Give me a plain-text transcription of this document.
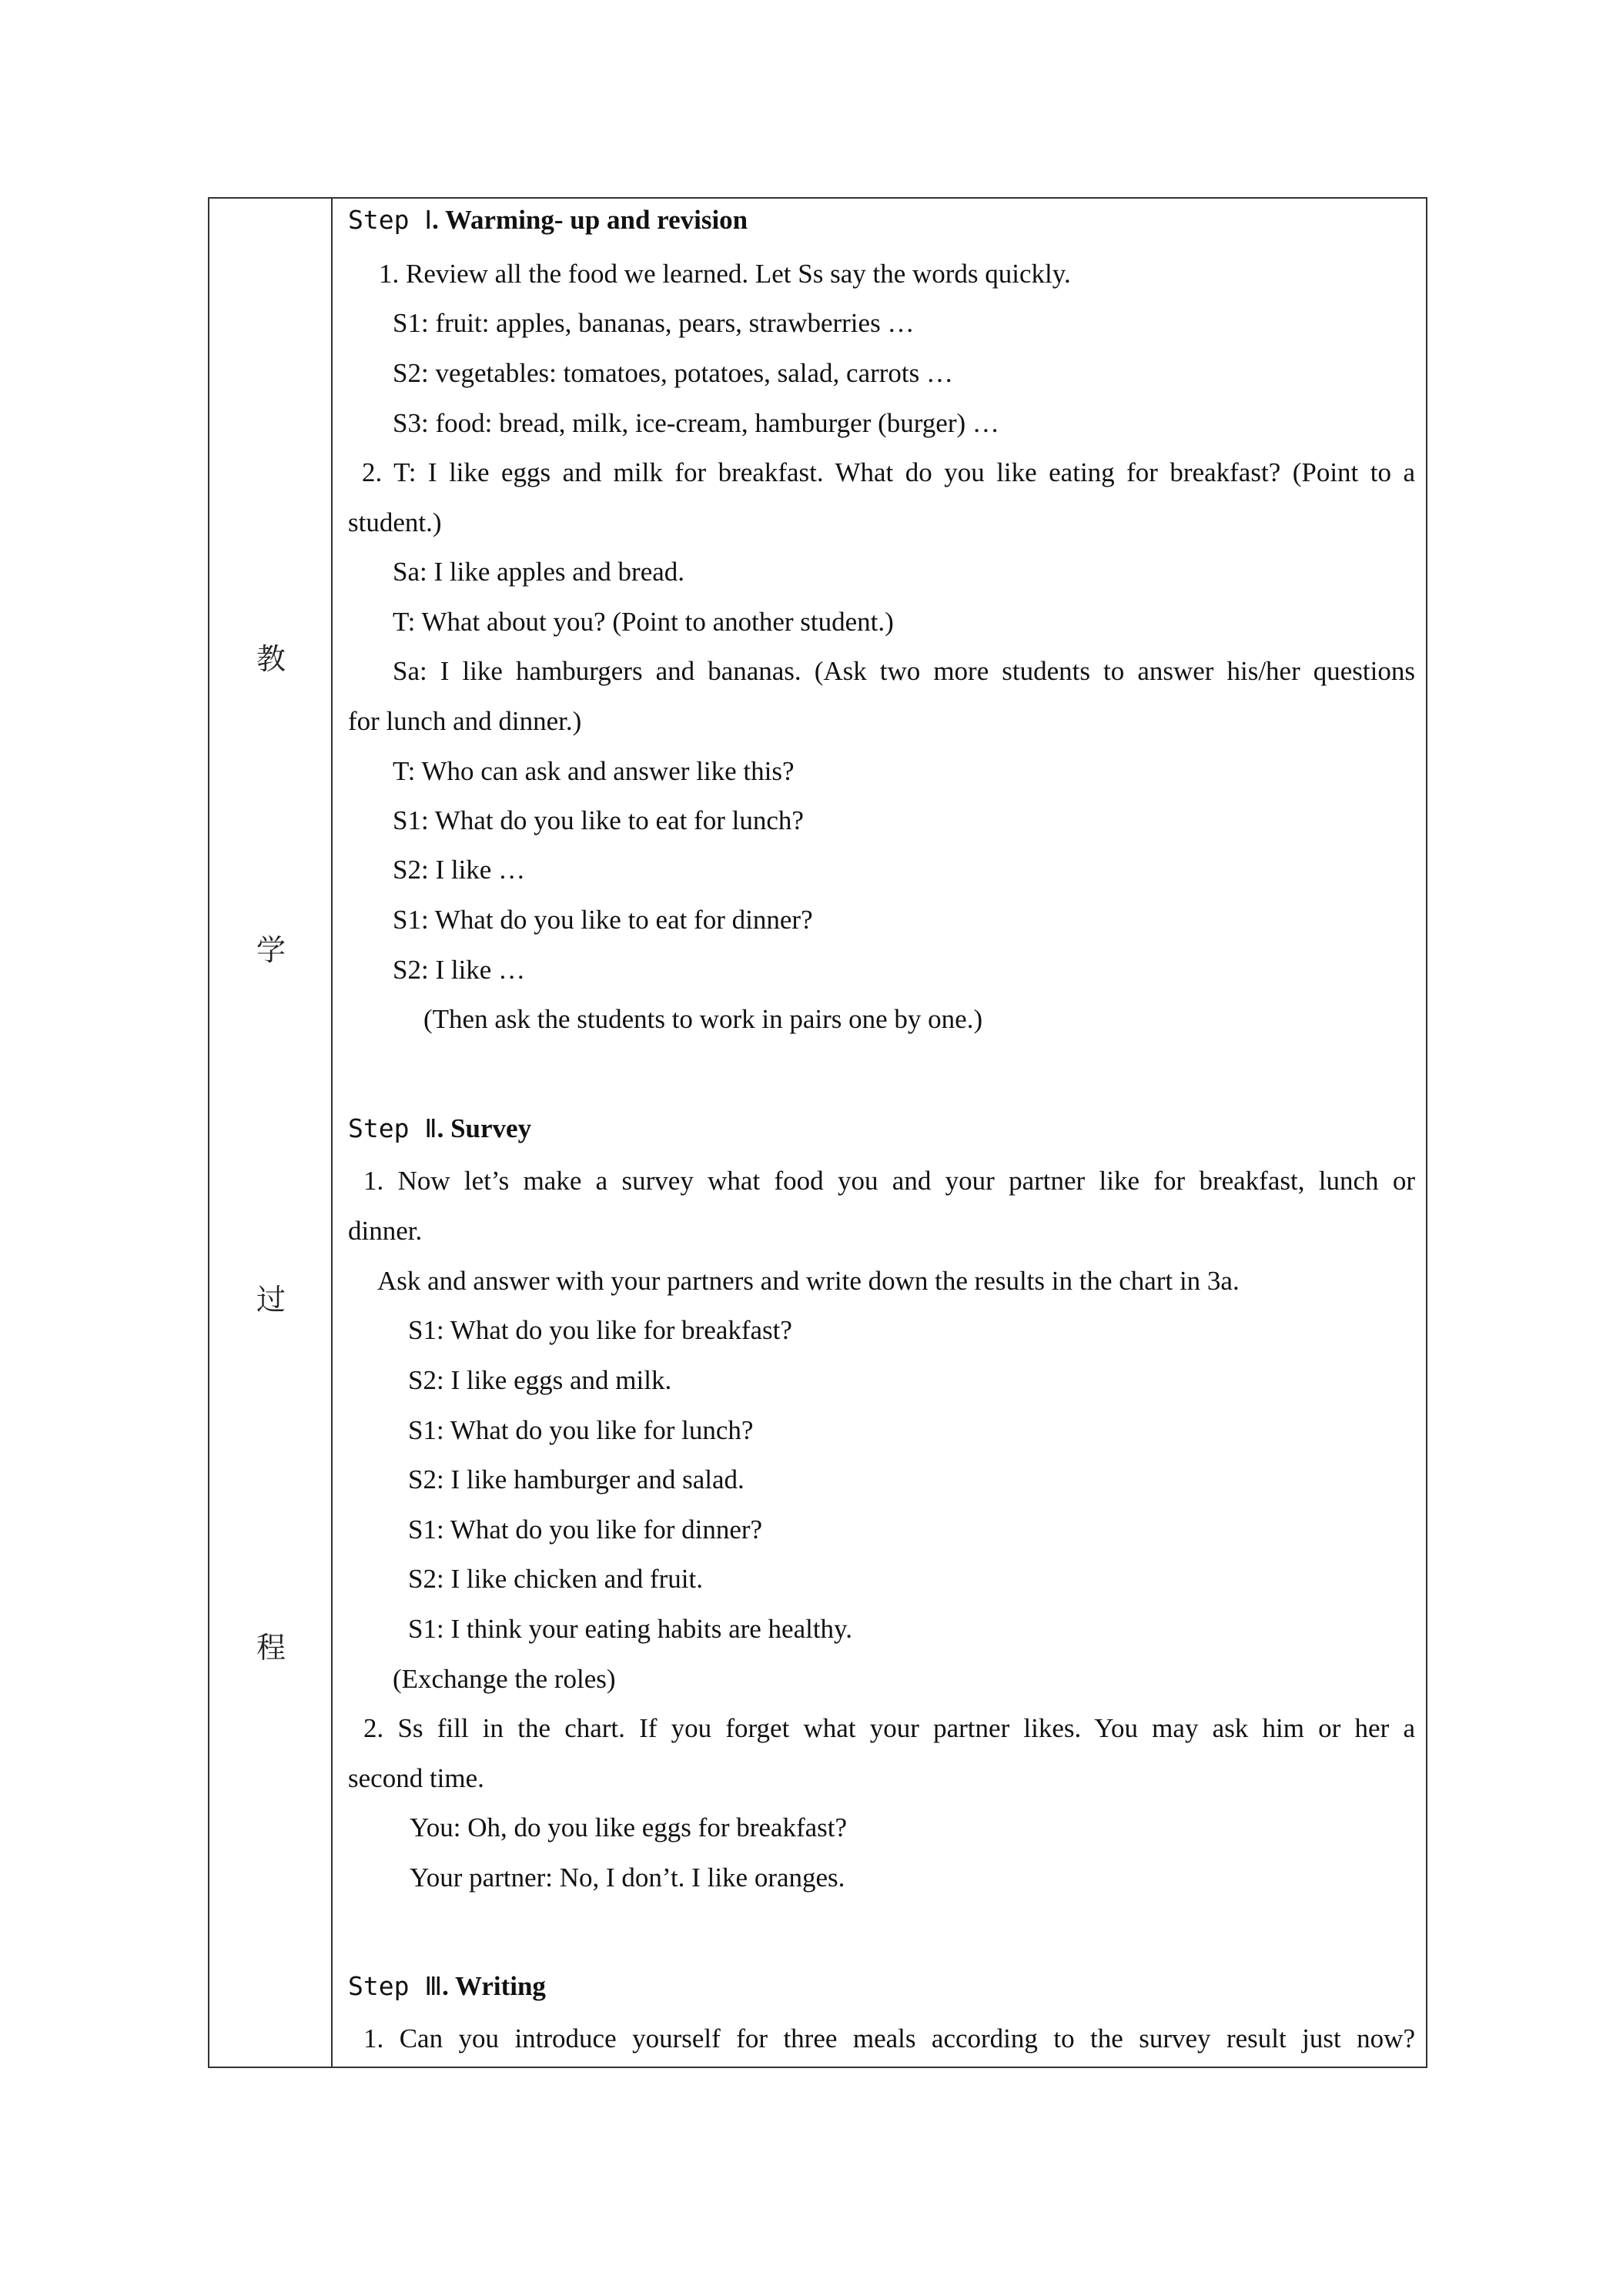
教
学
过
程
Step Ⅰ. Warming- up and revision
1. Review all the food we learned. Let Ss say the words quickly.
S1: fruit: apples, bananas, pears, strawberries …
S2: vegetables: tomatoes, potatoes, salad, carrots …
S3: food: bread, milk, ice-cream, hamburger (burger) …
2. T: I like eggs and milk for breakfast. What do you like eating for breakfast? (Point to a
student.)
Sa: I like apples and bread.
T: What about you? (Point to another student.)
Sa: I like hamburgers and bananas. (Ask two more students to answer his/her questions
for lunch and dinner.)
T: Who can ask and answer like this?
S1: What do you like to eat for lunch?
S2: I like …
S1: What do you like to eat for dinner?
S2: I like …
(Then ask the students to work in pairs one by one.)
Step Ⅱ. Survey
1. Now let’s make a survey what food you and your partner like for breakfast, lunch or
dinner.
Ask and answer with your partners and write down the results in the chart in 3a.
S1: What do you like for breakfast?
S2: I like eggs and milk.
S1: What do you like for lunch?
S2: I like hamburger and salad.
S1: What do you like for dinner?
S2: I like chicken and fruit.
S1: I think your eating habits are healthy.
(Exchange the roles)
2. Ss fill in the chart. If you forget what your partner likes. You may ask him or her a
second time.
You: Oh, do you like eggs for breakfast?
Your partner: No, I don’t. I like oranges.
Step Ⅲ. Writing
1. Can you introduce yourself for three meals according to the survey result just now?
